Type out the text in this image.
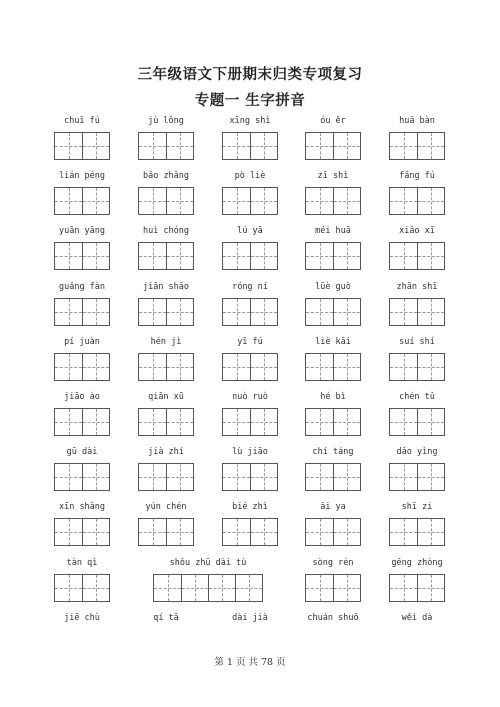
三年级语文下册期末归类专项复习
专题一 生字拼音
chuī fú	jù lǒng	xīng shì	óu ěr	huā bàn
lián péng	bǎo zhǎng	pò liè	zī shì	fǎng fú
yuān yāng	huì chóng	lú yā	méi huā	xiǎo xī
guǎng fàn	jiān shǎo	róng ní	lüè guò	zhān shī
pí juàn	hén jì	yī fú	liè kāi	suí shí
jiāo ào	qiān xū	nuò ruò	hé bì	chén tǔ
gū dài	jià zhí	lù jiāo	chí táng	dǎo yìng
xīn shǎng	yún chén	bié zhì	āi ya	shī zi
tàn qì	shǒu zhū dài tù	sòng rén	gēng zhòng
jiē chù	qí tā	dài jià	chuán shuō	wěi dà
第 1 页 共 78 页
